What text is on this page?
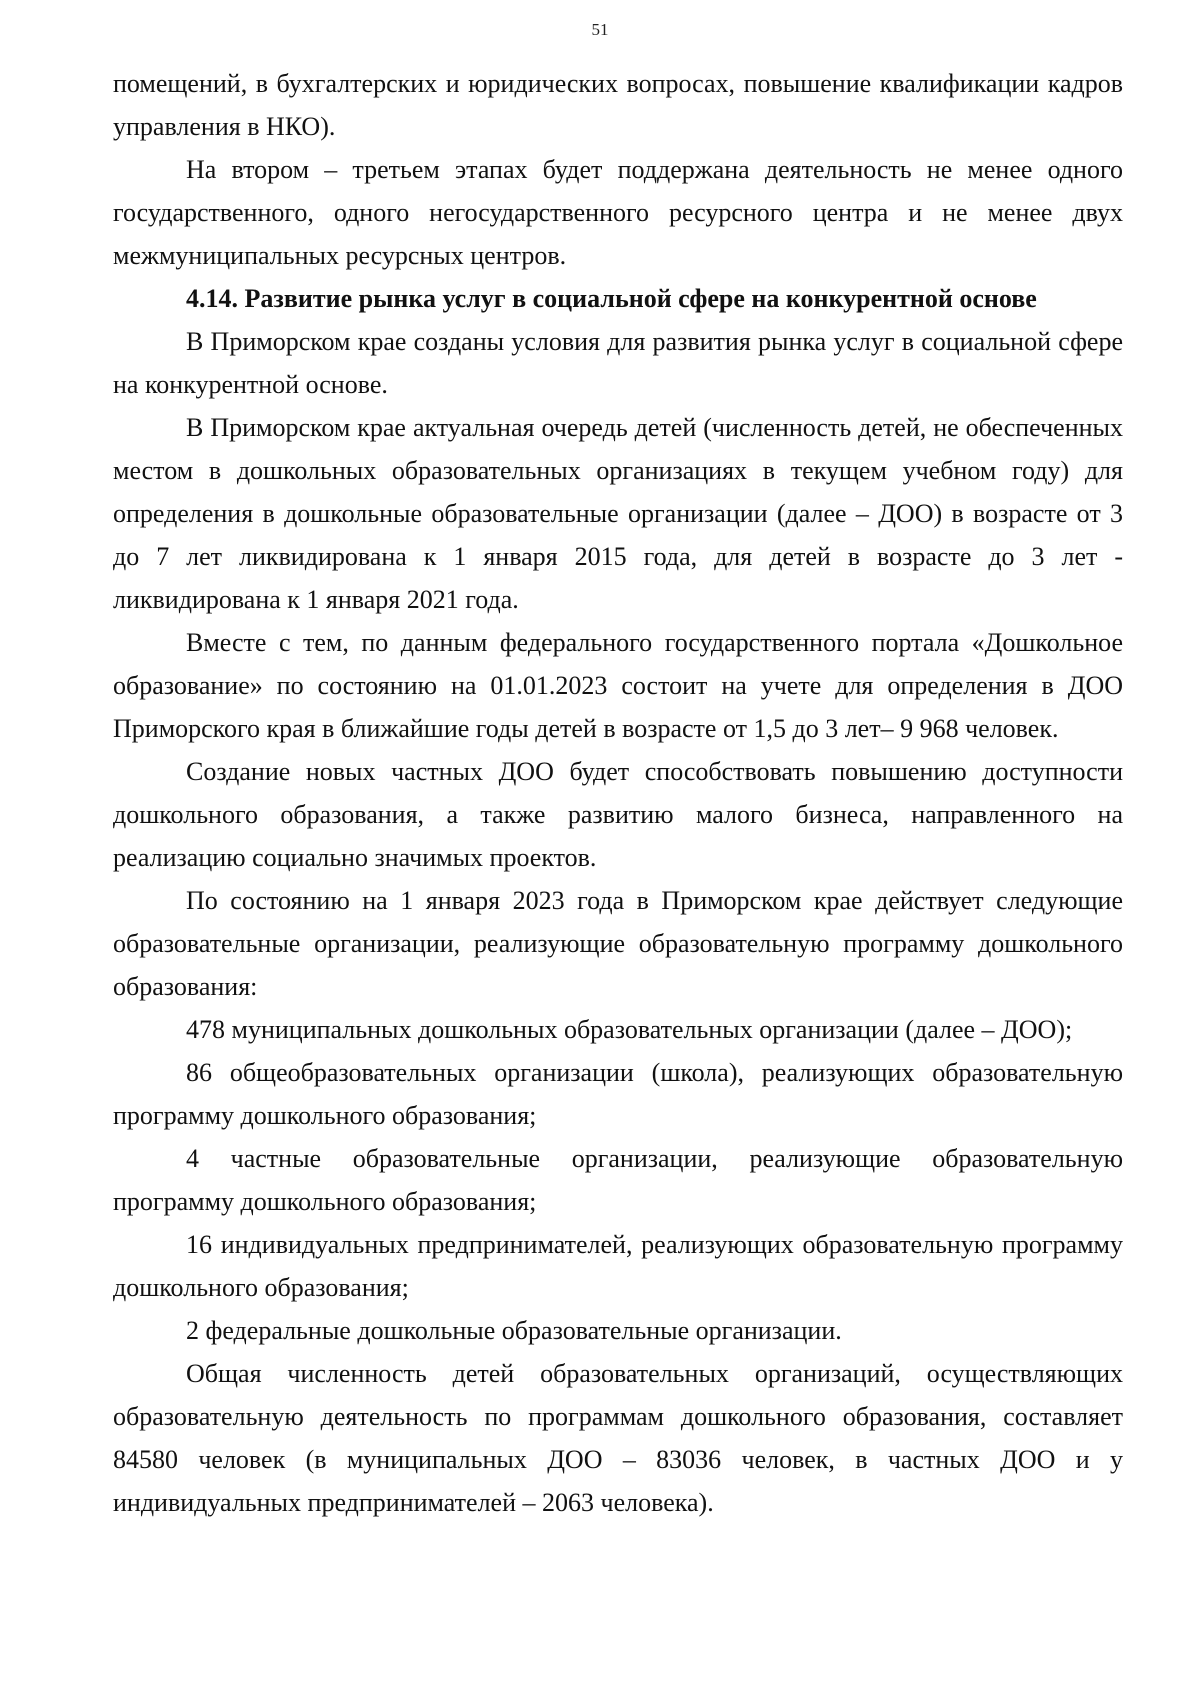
51

помещений, в бухгалтерских и юридических вопросах, повышение квалификации кадров управления в НКО).

На втором – третьем этапах будет поддержана деятельность не менее одного государственного, одного негосударственного ресурсного центра и не менее двух межмуниципальных ресурсных центров.

4.14. Развитие рынка услуг в социальной сфере на конкурентной основе

В Приморском крае созданы условия для развития рынка услуг в социальной сфере на конкурентной основе.

В Приморском крае актуальная очередь детей (численность детей, не обеспеченных местом в дошкольных образовательных организациях в текущем учебном году) для определения в дошкольные образовательные организации (далее – ДОО) в возрасте от 3 до 7 лет ликвидирована к 1 января 2015 года, для детей в возрасте до 3 лет - ликвидирована к 1 января 2021 года.

Вместе с тем, по данным федерального государственного портала «Дошкольное образование» по состоянию на 01.01.2023 состоит на учете для определения в ДОО Приморского края в ближайшие годы детей в возрасте от 1,5 до 3 лет– 9 968 человек.

Создание новых частных ДОО будет способствовать повышению доступности дошкольного образования, а также развитию малого бизнеса, направленного на реализацию социально значимых проектов.

По состоянию на 1 января 2023 года в Приморском крае действует следующие образовательные организации, реализующие образовательную программу дошкольного образования:

478 муниципальных дошкольных образовательных организации (далее – ДОО);

86 общеобразовательных организации (школа), реализующих образовательную программу дошкольного образования;

4 частные образовательные организации, реализующие образовательную программу дошкольного образования;

16 индивидуальных предпринимателей, реализующих образовательную программу дошкольного образования;

2 федеральные дошкольные образовательные организации.

Общая численность детей образовательных организаций, осуществляющих образовательную деятельность по программам дошкольного образования, составляет 84580 человек (в муниципальных ДОО – 83036 человек, в частных ДОО и у индивидуальных предпринимателей – 2063 человека).
